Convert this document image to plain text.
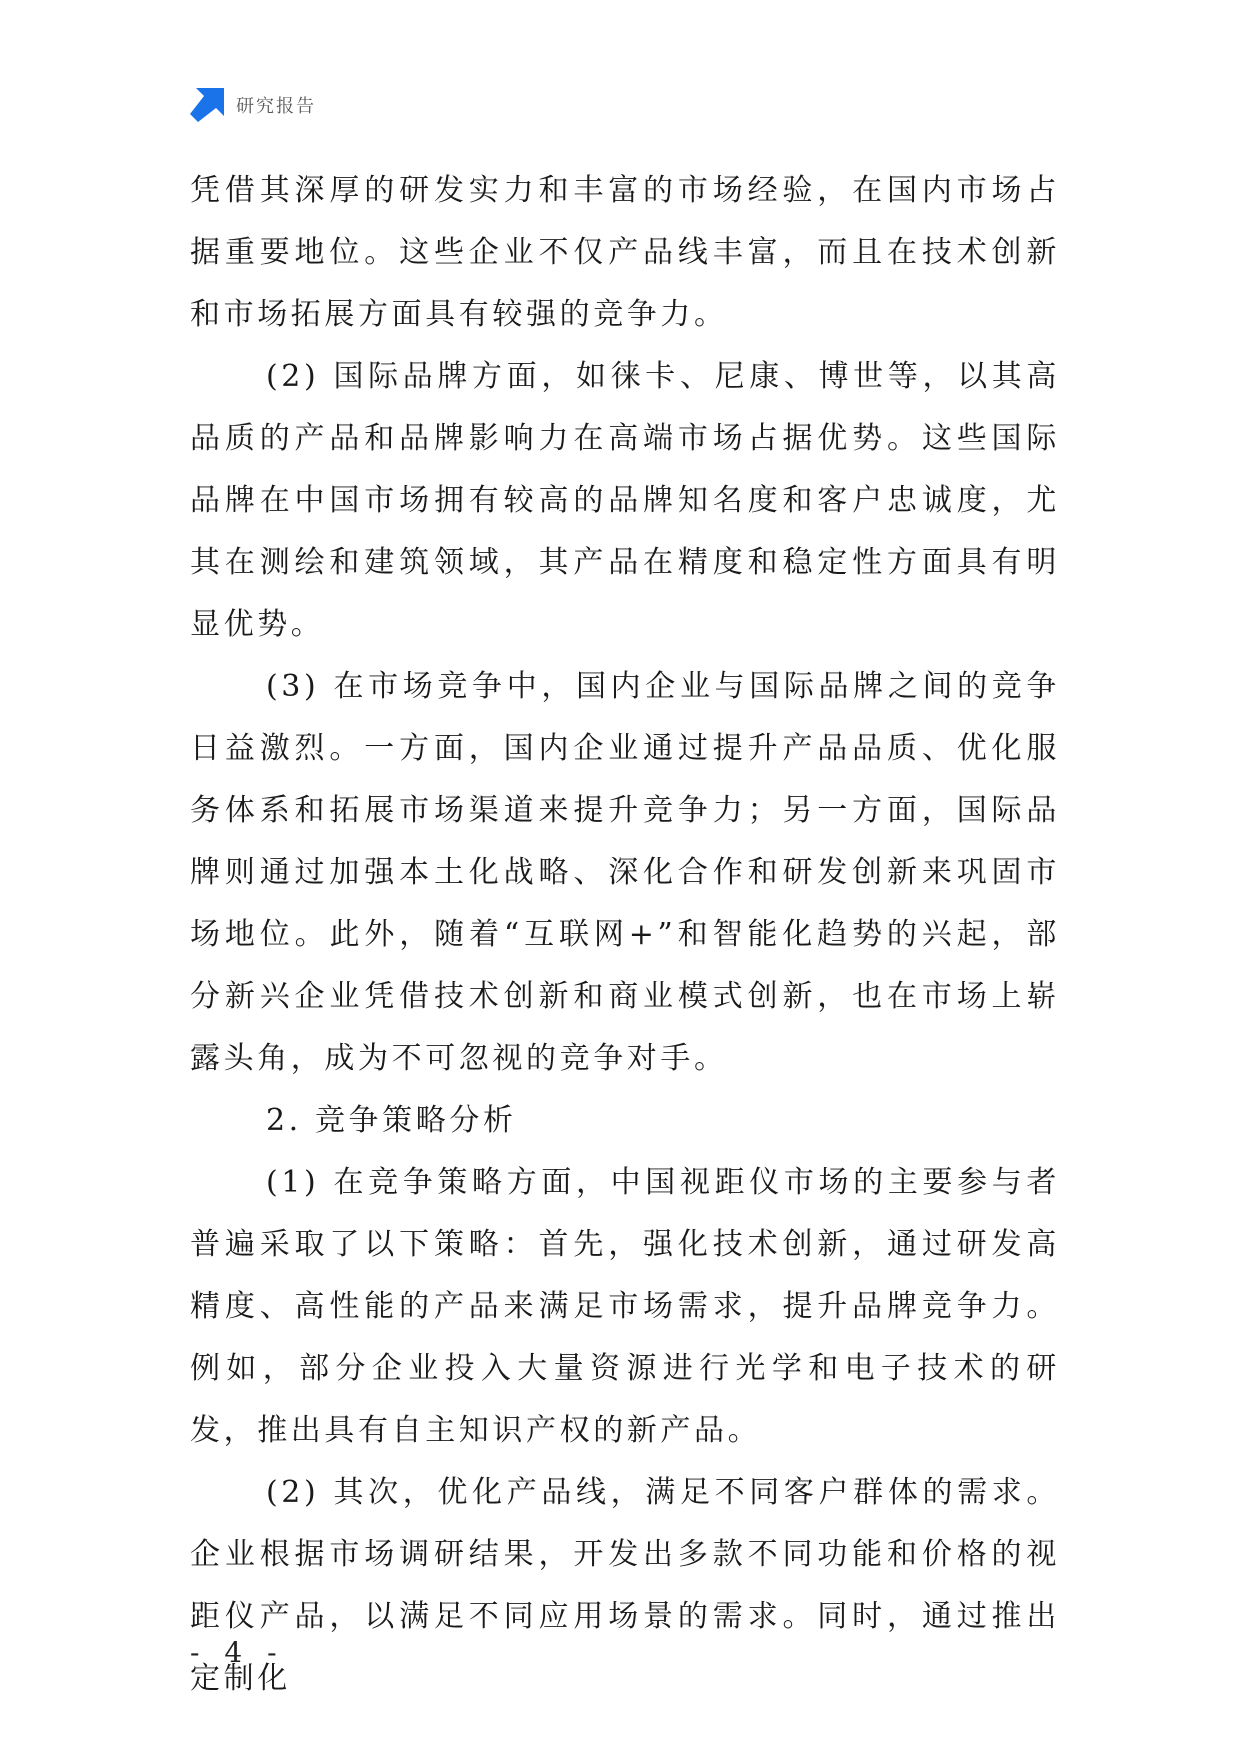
研究报告

凭借其深厚的研发实力和丰富的市场经验，在国内市场占据重要地位。这些企业不仅产品线丰富，而且在技术创新和市场拓展方面具有较强的竞争力。

(2) 国际品牌方面，如徕卡、尼康、博世等，以其高品质的产品和品牌影响力在高端市场占据优势。这些国际品牌在中国市场拥有较高的品牌知名度和客户忠诚度，尤其在测绘和建筑领域，其产品在精度和稳定性方面具有明显优势。

(3) 在市场竞争中，国内企业与国际品牌之间的竞争日益激烈。一方面，国内企业通过提升产品品质、优化服务体系和拓展市场渠道来提升竞争力；另一方面，国际品牌则通过加强本土化战略、深化合作和研发创新来巩固市场地位。此外，随着“互联网+”和智能化趋势的兴起，部分新兴企业凭借技术创新和商业模式创新，也在市场上崭露头角，成为不可忽视的竞争对手。

2. 竞争策略分析

(1) 在竞争策略方面，中国视距仪市场的主要参与者普遍采取了以下策略：首先，强化技术创新，通过研发高精度、高性能的产品来满足市场需求，提升品牌竞争力。例如，部分企业投入大量资源进行光学和电子技术的研发，推出具有自主知识产权的新产品。

(2) 其次，优化产品线，满足不同客户群体的需求。企业根据市场调研结果，开发出多款不同功能和价格的视距仪产品，以满足不同应用场景的需求。同时，通过推出定制化

- 4 -
